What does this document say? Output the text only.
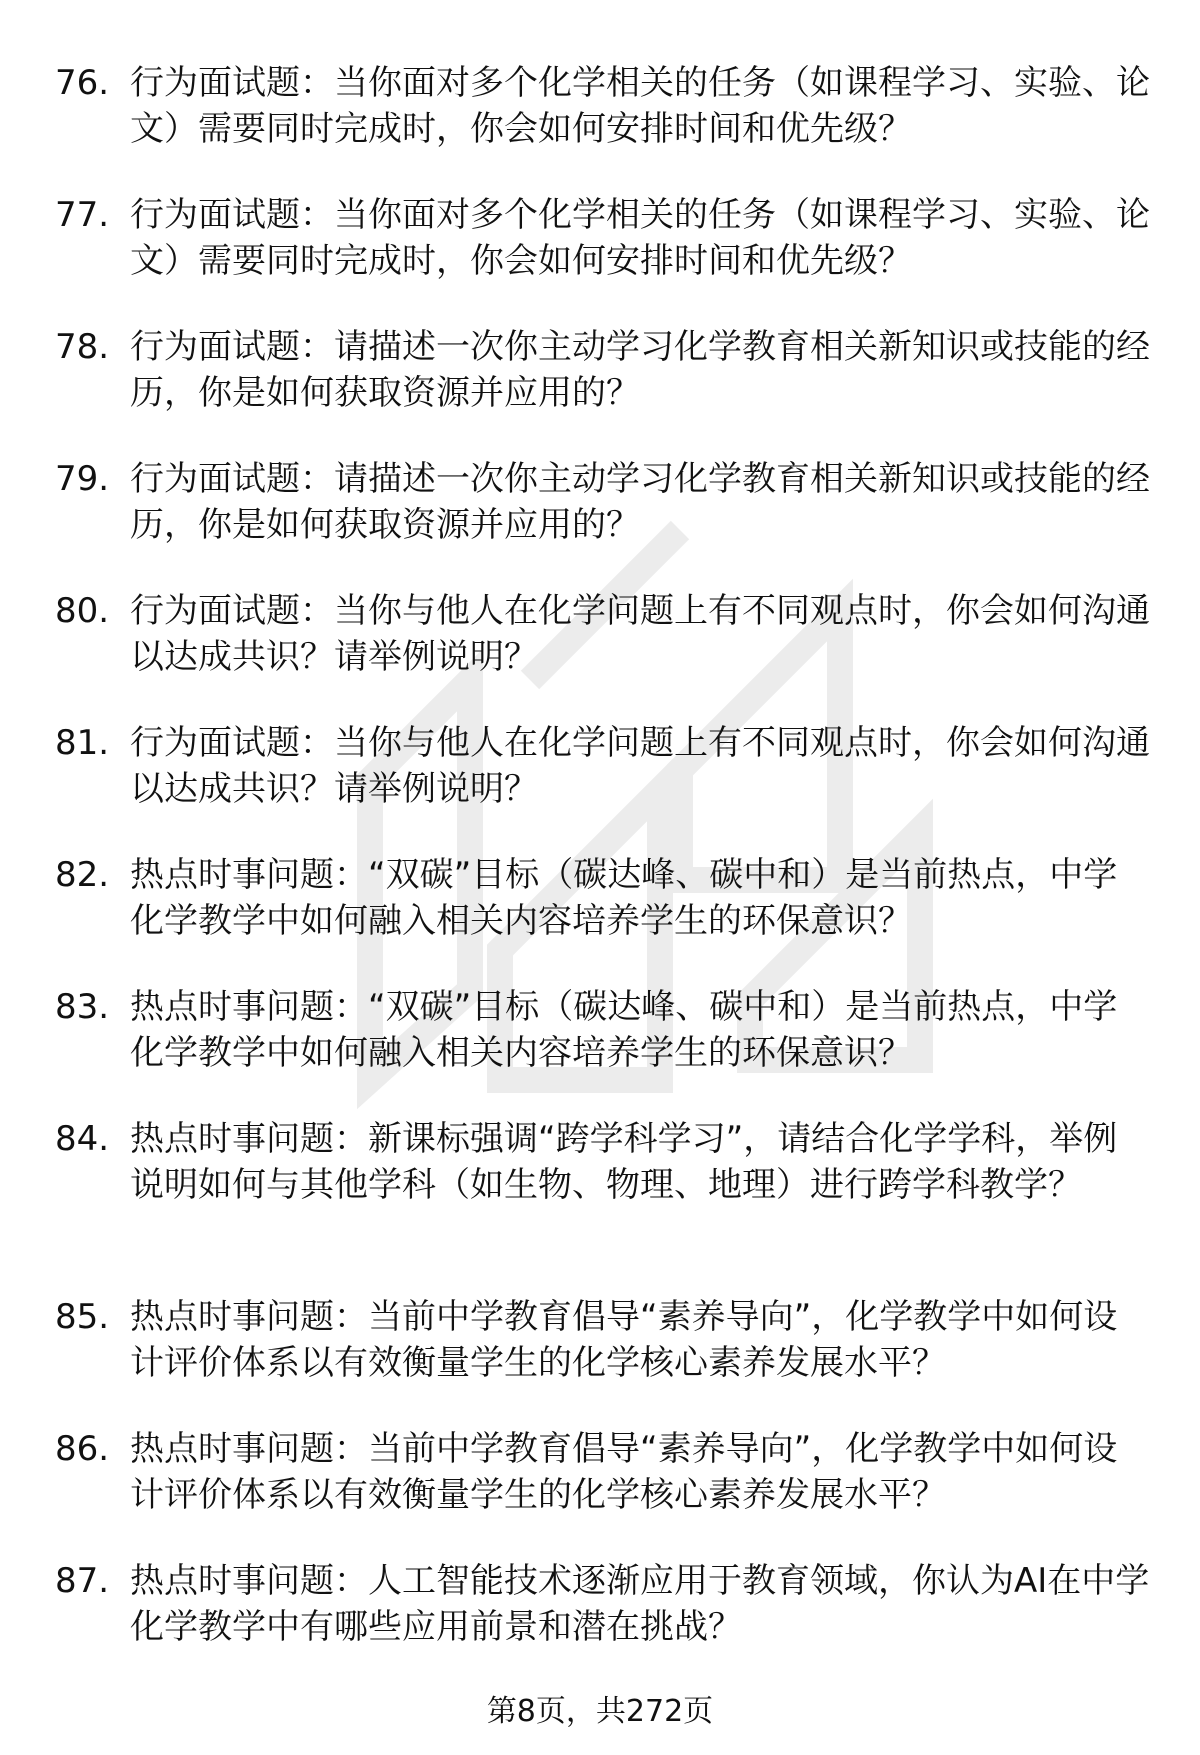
76. 行为面试题：当你面对多个化学相关的任务（如课程学习、实验、论文）需要同时完成时，你会如何安排时间和优先级？
77. 行为面试题：当你面对多个化学相关的任务（如课程学习、实验、论文）需要同时完成时，你会如何安排时间和优先级？
78. 行为面试题：请描述一次你主动学习化学教育相关新知识或技能的经历，你是如何获取资源并应用的？
79. 行为面试题：请描述一次你主动学习化学教育相关新知识或技能的经历，你是如何获取资源并应用的？
80. 行为面试题：当你与他人在化学问题上有不同观点时，你会如何沟通以达成共识？请举例说明？
81. 行为面试题：当你与他人在化学问题上有不同观点时，你会如何沟通以达成共识？请举例说明？
82. 热点时事问题：“双碳”目标（碳达峰、碳中和）是当前热点，中学化学教学中如何融入相关内容培养学生的环保意识？
83. 热点时事问题：“双碳”目标（碳达峰、碳中和）是当前热点，中学化学教学中如何融入相关内容培养学生的环保意识？
84. 热点时事问题：新课标强调“跨学科学习”，请结合化学学科，举例说明如何与其他学科（如生物、物理、地理）进行跨学科教学？
85. 热点时事问题：当前中学教育倡导“素养导向”，化学教学中如何设计评价体系以有效衡量学生的化学核心素养发展水平？
86. 热点时事问题：当前中学教育倡导“素养导向”，化学教学中如何设计评价体系以有效衡量学生的化学核心素养发展水平？
87. 热点时事问题：人工智能技术逐渐应用于教育领域，你认为AI在中学化学教学中有哪些应用前景和潜在挑战？
第8页，共272页
